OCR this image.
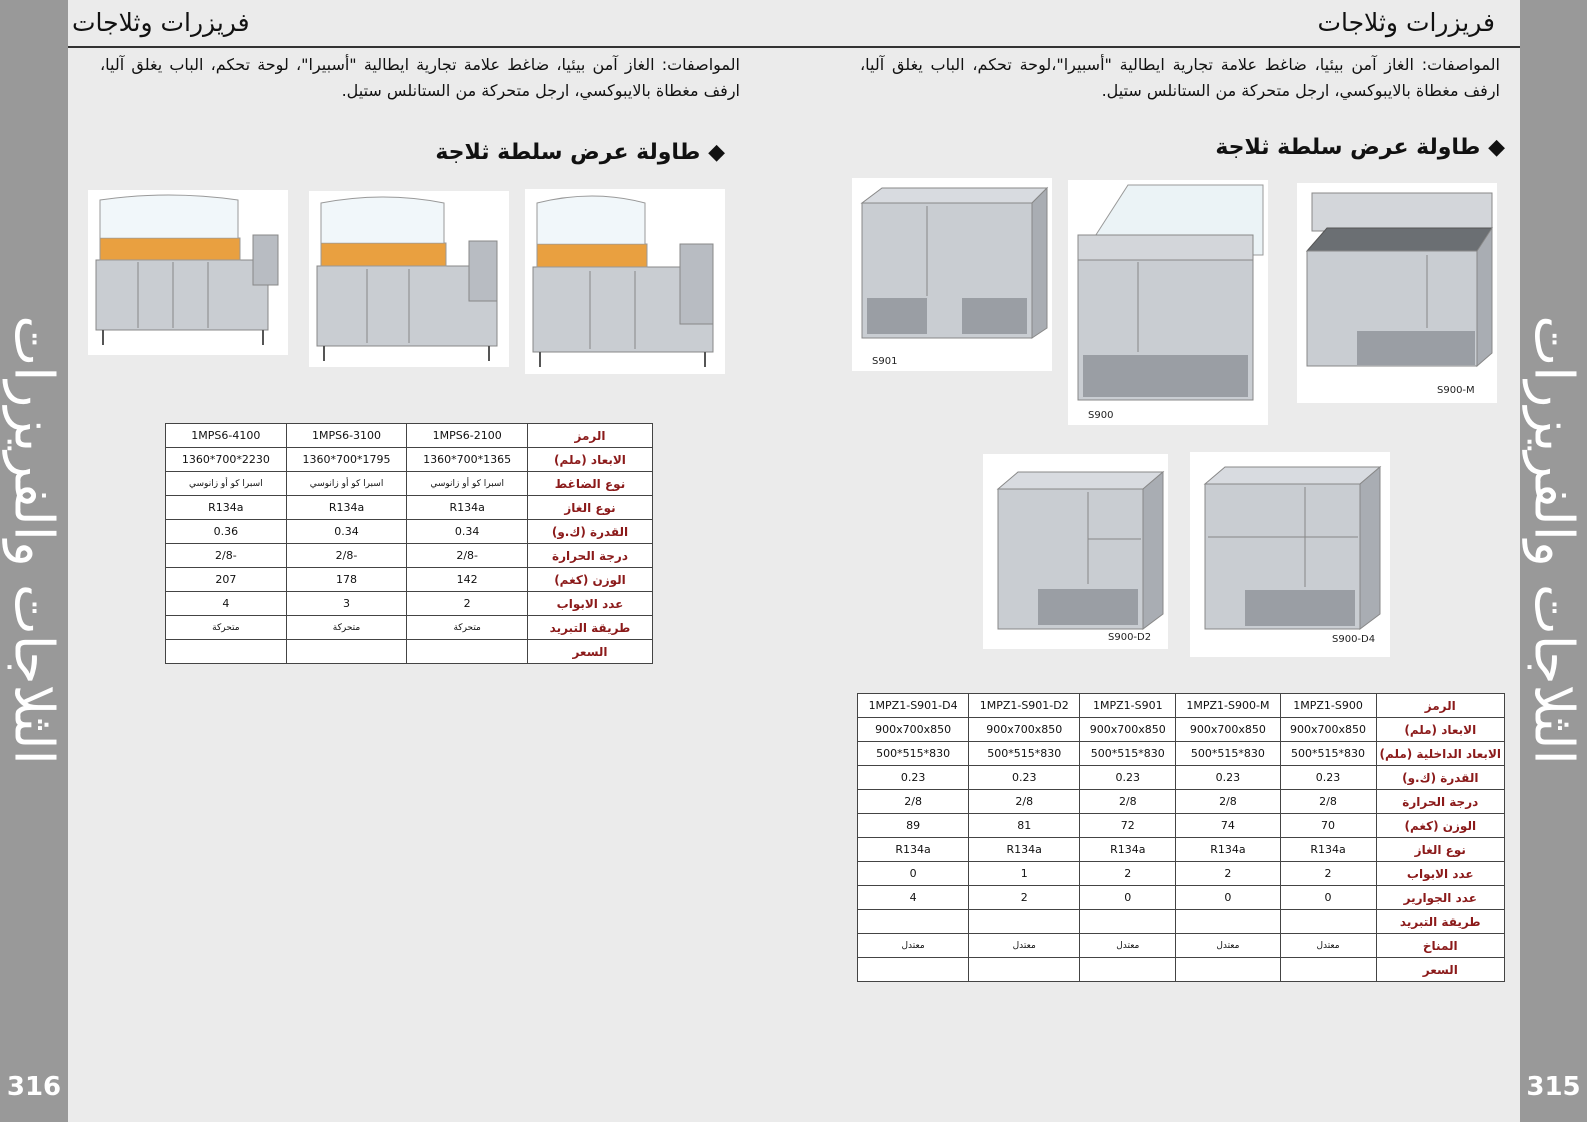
الثلاجات والفريزرات
316
الثلاجات والفريزرات
315
فريزرات وثلاجات	فريزرات وثلاجات
المواصفات: الغاز آمن بيئيا، ضاغط علامة تجارية ايطالية "أسبيرا"، لوحة تحكم، الباب يغلق آليا، ارفف مغطاة بالايبوكسي، ارجل متحركة من الستانلس ستيل.
المواصفات: الغاز آمن بيئيا، ضاغط علامة تجارية ايطالية "أسبيرا"،لوحة تحكم، الباب يغلق آليا، ارفف مغطاة بالايبوكسي، ارجل متحركة من الستانلس ستيل.
◆ طاولة عرض سلطة ثلاجة	◆ طاولة عرض سلطة ثلاجة
الرمز	1MPS6-2100	1MPS6-3100	1MPS6-4100
الابعاد (ملم)	1365*700*1360	1795*700*1360	2230*700*1360
نوع الضاغط	اسبرا كو أو زانوسي	اسبرا كو أو زانوسي	اسبرا كو أو زانوسي
نوع الغاز	R134a	R134a	R134a
القدرة (ك.و)	0.34	0.34	0.36
درجة الحرارة	-2/8	-2/8	-2/8
الوزن (كغم)	142	178	207
عدد الابواب	2	3	4
طريقة التبريد	متحركة	متحركة	متحركة
السعر			
S901
S900
S900-M
S900-D2	S900-D4
الرمز	1MPZ1-S900	1MPZ1-S900-M	1MPZ1-S901	1MPZ1-S901-D2	1MPZ1-S901-D4
الابعاد (ملم)	900x700x850	900x700x850	900x700x850	900x700x850	900x700x850
الابعاد الداخلية (ملم)	830*515*500	830*515*500	830*515*500	830*515*500	830*515*500
القدرة (ك.و)	0.23	0.23	0.23	0.23	0.23
درجة الحرارة	2/8	2/8	2/8	2/8	2/8
الوزن (كغم)	70	74	72	81	89
نوع الغاز	R134a	R134a	R134a	R134a	R134a
عدد الابواب	2	2	2	1	0
عدد الجوارير	0	0	0	2	4
طريقة التبريد					
المناخ	معتدل	معتدل	معتدل	معتدل	معتدل
السعر					
